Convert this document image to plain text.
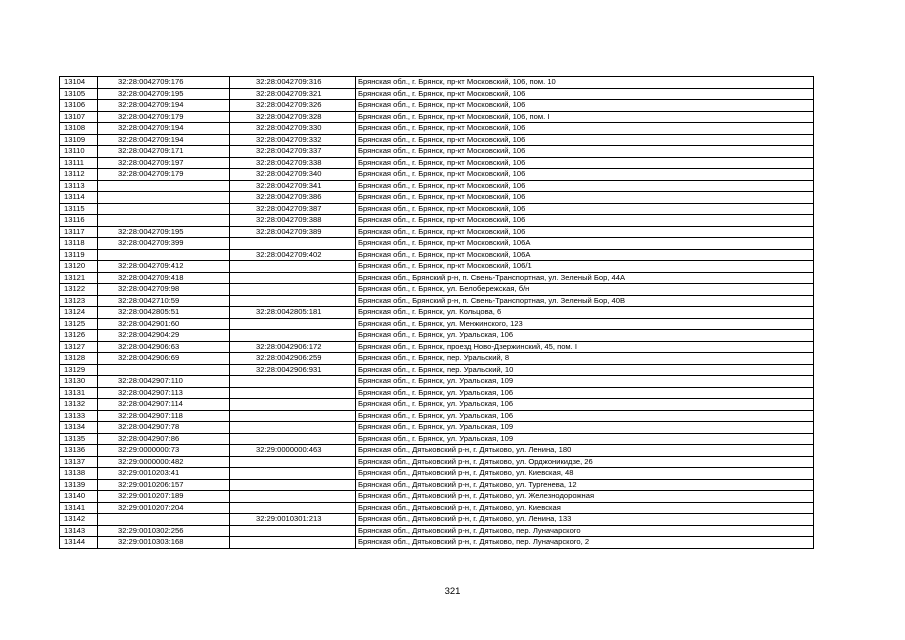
13104	32:28:0042709:176	32:28:0042709:316	Брянская обл., г. Брянск, пр-кт Московский, 106, пом. 10
13105	32:28:0042709:195	32:28:0042709:321	Брянская обл., г. Брянск, пр-кт Московский, 106
13106	32:28:0042709:194	32:28:0042709:326	Брянская обл., г. Брянск, пр-кт Московский, 106
13107	32:28:0042709:179	32:28:0042709:328	Брянская обл., г. Брянск, пр-кт Московский, 106, пом. I
13108	32:28:0042709:194	32:28:0042709:330	Брянская обл., г. Брянск, пр-кт Московский, 106
13109	32:28:0042709:194	32:28:0042709:332	Брянская обл., г. Брянск, пр-кт Московский, 106
13110	32:28:0042709:171	32:28:0042709:337	Брянская обл., г. Брянск, пр-кт Московский, 106
13111	32:28:0042709:197	32:28:0042709:338	Брянская обл., г. Брянск, пр-кт Московский, 106
13112	32:28:0042709:179	32:28:0042709:340	Брянская обл., г. Брянск, пр-кт Московский, 106
13113		32:28:0042709:341	Брянская обл., г. Брянск, пр-кт Московский, 106
13114		32:28:0042709:386	Брянская обл., г. Брянск, пр-кт Московский, 106
13115		32:28:0042709:387	Брянская обл., г. Брянск, пр-кт Московский, 106
13116		32:28:0042709:388	Брянская обл., г. Брянск, пр-кт Московский, 106
13117	32:28:0042709:195	32:28:0042709:389	Брянская обл., г. Брянск, пр-кт Московский, 106
13118	32:28:0042709:399		Брянская обл., г. Брянск, пр-кт Московский, 106А
13119		32:28:0042709:402	Брянская обл., г. Брянск, пр-кт Московский, 106А
13120	32:28:0042709:412		Брянская обл., г. Брянск, пр-кт Московский, 106/1
13121	32:28:0042709:418		Брянская обл., Брянский р-н, п. Свень-Транспортная, ул. Зеленый Бор, 44А
13122	32:28:0042709:98		Брянская обл., г. Брянск, ул. Белобережская, б/н
13123	32:28:0042710:59		Брянская обл., Брянский р-н, п. Свень-Транспортная, ул. Зеленый Бор, 40В
13124	32:28:0042805:51	32:28:0042805:181	Брянская обл., г. Брянск, ул. Кольцова, 6
13125	32:28:0042901:60		Брянская обл., г. Брянск, ул. Менжинского, 123
13126	32:28:0042904:29		Брянская обл., г. Брянск, ул. Уральская, 106
13127	32:28:0042906:63	32:28:0042906:172	Брянская обл., г. Брянск, проезд Ново-Дзержинский, 45, пом. I
13128	32:28:0042906:69	32:28:0042906:259	Брянская обл., г. Брянск, пер. Уральский, 8
13129		32:28:0042906:931	Брянская обл., г. Брянск, пер. Уральский, 10
13130	32:28:0042907:110		Брянская обл., г. Брянск, ул. Уральская, 109
13131	32:28:0042907:113		Брянская обл., г. Брянск, ул. Уральская, 106
13132	32:28:0042907:114		Брянская обл., г. Брянск, ул. Уральская, 106
13133	32:28:0042907:118		Брянская обл., г. Брянск, ул. Уральская, 106
13134	32:28:0042907:78		Брянская обл., г. Брянск, ул. Уральская, 109
13135	32:28:0042907:86		Брянская обл., г. Брянск, ул. Уральская, 109
13136	32:29:0000000:73	32:29:0000000:463	Брянская обл., Дятьковский р-н, г. Дятьково, ул. Ленина, 180
13137	32:29:0000000:482		Брянская обл., Дятьковский р-н, г. Дятьково, ул. Орджоникидзе, 26
13138	32:29:0010203:41		Брянская обл., Дятьковский р-н, г. Дятьково, ул. Киевская, 48
13139	32:29:0010206:157		Брянская обл., Дятьковский р-н, г. Дятьково, ул. Тургенева, 12
13140	32:29:0010207:189		Брянская обл., Дятьковский р-н, г. Дятьково, ул. Железнодорожная
13141	32:29:0010207:204		Брянская обл., Дятьковский р-н, г. Дятьково, ул. Киевская
13142		32:29:0010301:213	Брянская обл., Дятьковский р-н, г. Дятьково, ул. Ленина, 133
13143	32:29:0010302:256		Брянская обл., Дятьковский р-н, г. Дятьково, пер. Луначарского
13144	32:29:0010303:168		Брянская обл., Дятьковский р-н, г. Дятьково, пер. Луначарского, 2
321
